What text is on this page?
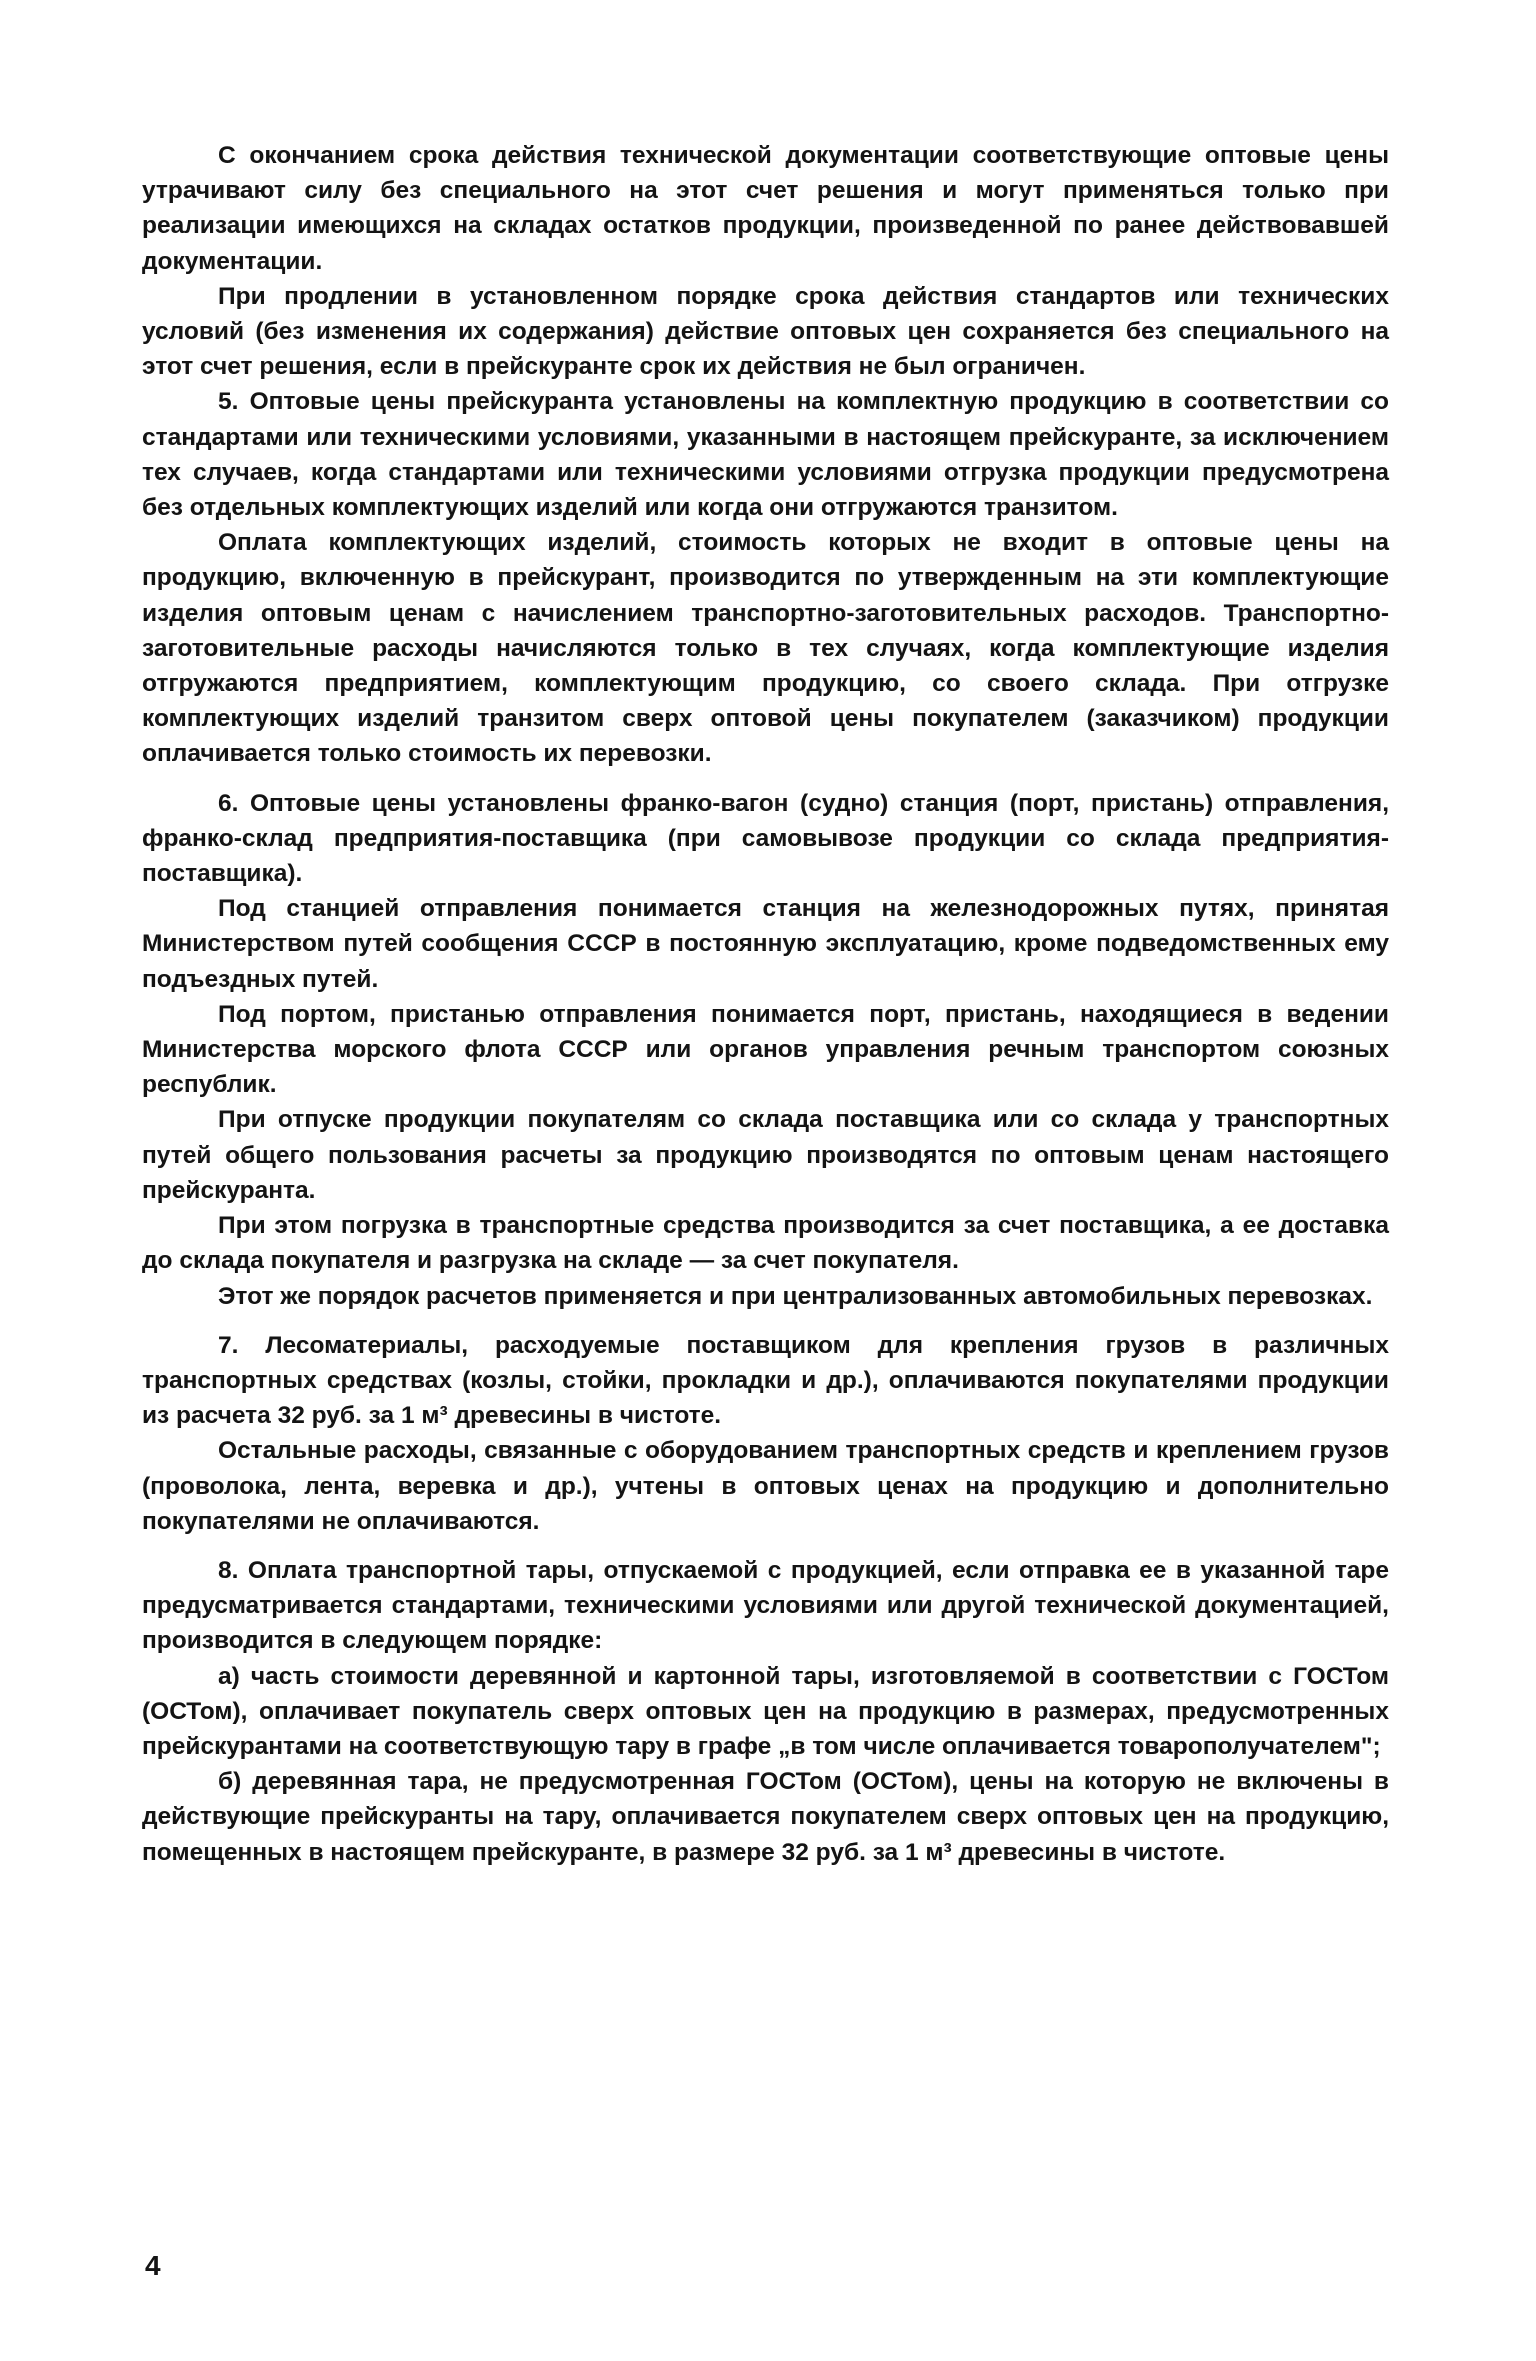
С окончанием срока действия технической документации соответствующие оптовые цены утрачивают силу без специального на этот счет решения и могут применяться только при реализации имеющихся на складах остатков продукции, произведенной по ранее действовавшей документации.

При продлении в установленном порядке срока действия стандартов или технических условий (без изменения их содержания) действие оптовых цен сохраняется без специального на этот счет решения, если в прейскуранте срок их действия не был ограничен.

5. Оптовые цены прейскуранта установлены на комплектную продукцию в соответствии со стандартами или техническими условиями, указанными в настоящем прейскуранте, за исключением тех случаев, когда стандартами или техническими условиями отгрузка продукции предусмотрена без отдельных комплектующих изделий или когда они отгружаются транзитом.

Оплата комплектующих изделий, стоимость которых не входит в оптовые цены на продукцию, включенную в прейскурант, производится по утвержденным на эти комплектующие изделия оптовым ценам с начислением транспортно-заготовительных расходов. Транспортно-заготовительные расходы начисляются только в тех случаях, когда комплектующие изделия отгружаются предприятием, комплектующим продукцию, со своего склада. При отгрузке комплектующих изделий транзитом сверх оптовой цены покупателем (заказчиком) продукции оплачивается только стоимость их перевозки.

6. Оптовые цены установлены франко-вагон (судно) станция (порт, пристань) отправления, франко-склад предприятия-поставщика (при самовывозе продукции со склада предприятия-поставщика).

Под станцией отправления понимается станция на железнодорожных путях, принятая Министерством путей сообщения СССР в постоянную эксплуатацию, кроме подведомственных ему подъездных путей.

Под портом, пристанью отправления понимается порт, пристань, находящиеся в ведении Министерства морского флота СССР или органов управления речным транспортом союзных республик.

При отпуске продукции покупателям со склада поставщика или со склада у транспортных путей общего пользования расчеты за продукцию производятся по оптовым ценам настоящего прейскуранта.

При этом погрузка в транспортные средства производится за счет поставщика, а ее доставка до склада покупателя и разгрузка на складе — за счет покупателя.

Этот же порядок расчетов применяется и при централизованных автомобильных перевозках.

7. Лесоматериалы, расходуемые поставщиком для крепления грузов в различных транспортных средствах (козлы, стойки, прокладки и др.), оплачиваются покупателями продукции из расчета 32 руб. за 1 м³ древесины в чистоте.

Остальные расходы, связанные с оборудованием транспортных средств и креплением грузов (проволока, лента, веревка и др.), учтены в оптовых ценах на продукцию и дополнительно покупателями не оплачиваются.

8. Оплата транспортной тары, отпускаемой с продукцией, если отправка ее в указанной таре предусматривается стандартами, техническими условиями или другой технической документацией, производится в следующем порядке:

а) часть стоимости деревянной и картонной тары, изготовляемой в соответствии с ГОСТом (ОСТом), оплачивает покупатель сверх оптовых цен на продукцию в размерах, предусмотренных прейскурантами на соответствующую тару в графе „в том числе оплачивается товарополучателем";

б) деревянная тара, не предусмотренная ГОСТом (ОСТом), цены на которую не включены в действующие прейскуранты на тару, оплачивается покупателем сверх оптовых цен на продукцию, помещенных в настоящем прейскуранте, в размере 32 руб. за 1 м³ древесины в чистоте.

4
